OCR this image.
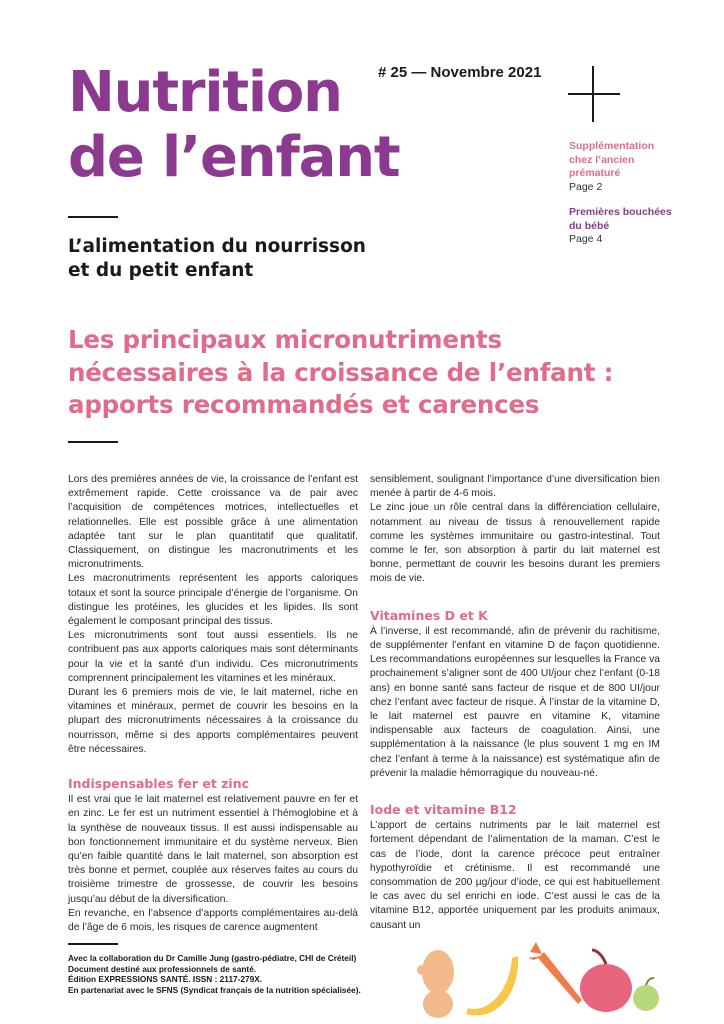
Nutrition
de l’enfant
# 25 — Novembre 2021
Supplémentation chez l’ancien prématuré
Page 2
Premières bouchées du bébé
Page 4
L’alimentation du nourrisson
et du petit enfant
Les principaux micronutriments nécessaires à la croissance de l’enfant : apports recommandés et carences

Lors des premières années de vie, la croissance de l’enfant est extrêmement rapide. Cette croissance va de pair avec l’acquisition de compétences motrices, intellectuelles et relationnelles. Elle est possible grâce à une alimentation adaptée tant sur le plan quantitatif que qualitatif. Classiquement, on distingue les macronutriments et les micronutriments.

Les macronutriments représentent les apports caloriques totaux et sont la source principale d’énergie de l’organisme. On distingue les protéines, les glucides et les lipides. Ils sont également le composant principal des tissus.

Les micronutriments sont tout aussi essentiels. Ils ne contribuent pas aux apports caloriques mais sont déterminants pour la vie et la santé d’un individu. Ces micronutriments comprennent principalement les vitamines et les minéraux.

Durant les 6 premiers mois de vie, le lait maternel, riche en vitamines et minéraux, permet de couvrir les besoins en la plupart des micronutriments nécessaires à la croissance du nourrisson, même si des apports complémentaires peuvent être nécessaires.

Indispensables fer et zinc

Il est vrai que le lait maternel est relativement pauvre en fer et en zinc. Le fer est un nutriment essentiel à l’hémoglobine et à la synthèse de nouveaux tissus. Il est aussi indispensable au bon fonctionnement immunitaire et du système nerveux. Bien qu’en faible quantité dans le lait maternel, son absorption est très bonne et permet, couplée aux réserves faites au cours du troisième trimestre de grossesse, de couvrir les besoins jusqu’au début de la diversification.

En revanche, en l’absence d’apports complémentaires au-delà de l’âge de 6 mois, les risques de carence augmentent

sensiblement, soulignant l’importance d’une diversification bien menée à partir de 4-6 mois.

Le zinc joue un rôle central dans la différenciation cellulaire, notamment au niveau de tissus à renouvellement rapide comme les systèmes immunitaire ou gastro-intestinal. Tout comme le fer, son absorption à partir du lait maternel est bonne, permettant de couvrir les besoins durant les premiers mois de vie.

Vitamines D et K

À l’inverse, il est recommandé, afin de prévenir du rachitisme, de supplémenter l’enfant en vitamine D de façon quotidienne. Les recommandations européennes sur lesquelles la France va prochainement s’aligner sont de 400 UI/jour chez l’enfant (0-18 ans) en bonne santé sans facteur de risque et de 800 UI/jour chez l’enfant avec facteur de risque. À l’instar de la vitamine D, le lait maternel est pauvre en vitamine K, vitamine indispensable aux facteurs de coagulation. Ainsi, une supplémentation à la naissance (le plus souvent 1 mg en IM chez l’enfant à terme à la naissance) est systématique afin de prévenir la maladie hémorragique du nouveau-né.

Iode et vitamine B12

L’apport de certains nutriments par le lait maternel est fortement dépendant de l’alimentation de la maman. C’est le cas de l’iode, dont la carence précoce peut entraîner hypothyroïdie et crétinisme. Il est recommandé une consommation de 200 µg/jour d’iode, ce qui est habituellement le cas avec du sel enrichi en iode. C’est aussi le cas de la vitamine B12, apportée uniquement par les produits animaux, causant un

Avec la collaboration du Dr Camille Jung (gastro-pédiatre, CHI de Créteil)
Document destiné aux professionnels de santé.
Édition EXPRESSIONS SANTÉ. ISSN : 2117-279X.
En partenariat avec le SFNS (Syndicat français de la nutrition spécialisée).
